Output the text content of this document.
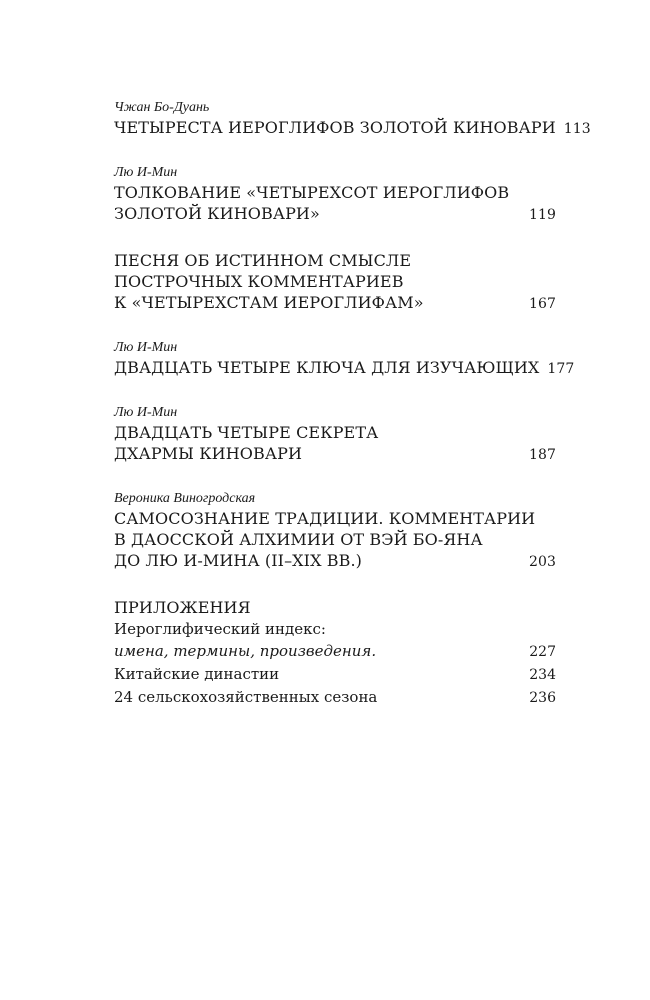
Чжан Бо-Дуань
ЧЕТЫРЕСТА ИЕРОГЛИФОВ ЗОЛОТОЙ КИНОВАРИ 113
Лю И-Мин
ТОЛКОВАНИЕ «ЧЕТЫРЕХСОТ ИЕРОГЛИФОВ
ЗОЛОТОЙ КИНОВАРИ»	119
ПЕСНЯ ОБ ИСТИННОМ СМЫСЛЕ
ПОСТРОЧНЫХ КОММЕНТАРИЕВ
К «ЧЕТЫРЕХСТАМ ИЕРОГЛИФАМ»	167
Лю И-Мин
ДВАДЦАТЬ ЧЕТЫРЕ КЛЮЧА ДЛЯ ИЗУЧАЮЩИХ 177
Лю И-Мин
ДВАДЦАТЬ ЧЕТЫРЕ СЕКРЕТА
ДХАРМЫ КИНОВАРИ	187
Вероника Виногродская
САМОСОЗНАНИЕ ТРАДИЦИИ. КОММЕНТАРИИ
В ДАОССКОЙ АЛХИМИИ ОТ ВЭЙ БО-ЯНА
ДО ЛЮ И-МИНА (II–XIX ВВ.)	203
ПРИЛОЖЕНИЯ
Иероглифический индекс:
имена, термины, произведения.	227
Китайские династии	234
24 сельскохозяйственных сезона	236
